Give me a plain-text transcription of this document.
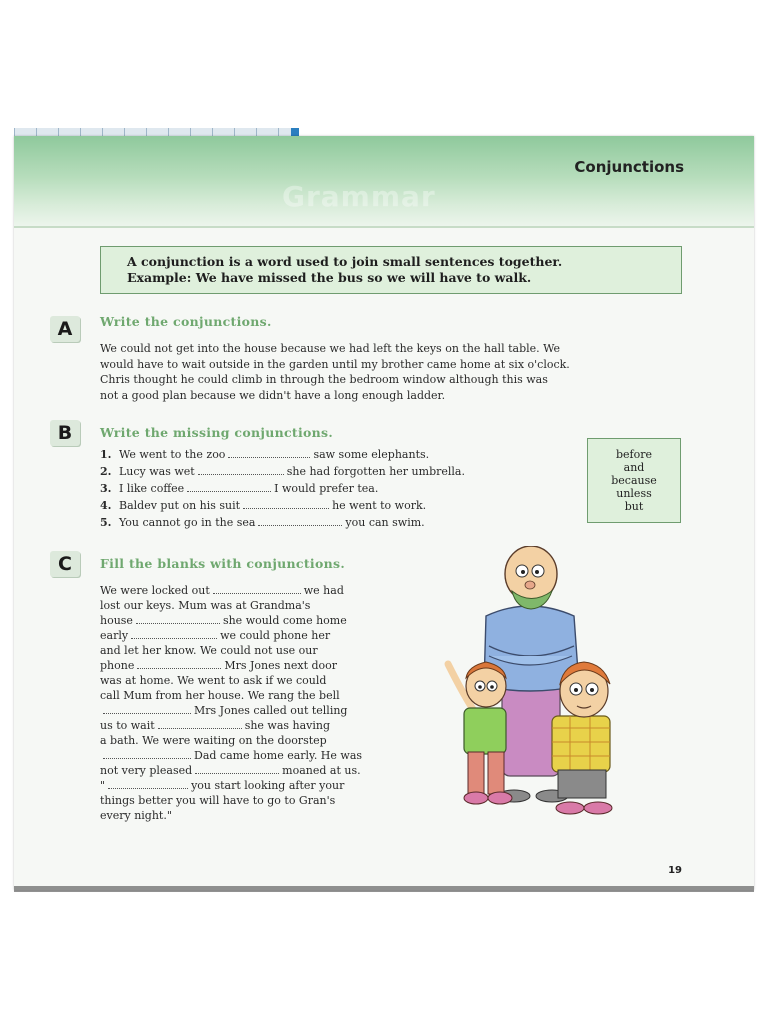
Grammar
Conjunctions

A conjunction is a word used to join small sentences together.

Example: We have missed the bus so we will have to walk.

A	Write the conjunctions.
We could not get into the house because we had left the keys on the hall table. We
would have to wait outside in the garden until my brother came home at six o'clock.
Chris thought he could climb in through the bedroom window although this was
not a good plan because we didn't have a long enough ladder.
B	Write the missing conjunctions.
1. We went to the zoo	saw some elephants.
2. Lucy was wet	she had forgotten her umbrella.
3. I like coffee	I would prefer tea.
4. Baldev put on his suit	he went to work.
5. You cannot go in the sea	you can swim.
before
and
because
unless
but
C	Fill the blanks with conjunctions.
We were locked out	we had
lost our keys. Mum was at Grandma's
house	she would come home
early	we could phone her
and let her know. We could not use our
phone	Mrs Jones next door
was at home. We went to ask if we could
call Mum from her house. We rang the bell
Mrs Jones called out telling
us to wait	she was having
a bath. We were waiting on the doorstep
Dad came home early. He was
not very pleased	moaned at us.
"	you start looking after your
things better you will have to go to Gran's
every night."
19
